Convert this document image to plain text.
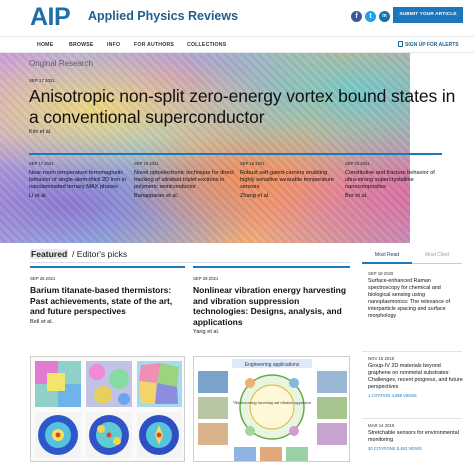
AIP Applied Physics Reviews	f	t	in	SUBMIT YOUR ARTICLE
HOME	BROWSE	INFO	FOR AUTHORS COLLECTIONS	SIGN UP FOR ALERTS
Original Research
SEP 17 2021
Anisotropic non-split zero-energy vortex bound states in a conventional superconductor
Kim et al.
SEP 17 2021
Near-room temperature ferromagnetic behavior of single-atom-thick 2D iron in nanolaminated ternary MAX phases
Li et al.
SEP 16 2021
Novel optoelectronic technique for direct tracking of ultrafast triplet excitons in polymeric semiconductor
Banapparao et al.
SEP 16 2021
Robust self-gated-carriers enabling highly sensitive wearable temperature sensors
Zhang et al.
SEP 03 2021
Constitutive and fracture behavior of ultra-strong supercrystalline nanocomposites
Bor et al.
Featured / Editor's picks
SEP 28 2021
Barium titanate-based thermistors: Past achievements, state of the art, and future perspectives
Bell et al.
SEP 28 2021
Nonlinear vibration energy harvesting and vibration suppression technologies: Designs, analysis, and applications
Yang et al.
Engineering applications
Vibration energy harvesting and vibration suppression
Most Read	Most Cited
SEP 18 2020
Surface-enhanced Raman spectroscopy for chemical and biological sensing using nanoplasmonics: The relevance of interparticle spacing and surface morphology
NOV 15 2019
Group-IV 2D materials beyond graphene on nonmetal substrates: Challenges, recent progress, and future perspectives
1 CITATION 4,896 VIEWS
MAR 14 2019
Stretchable sensors for environmental monitoring
30 CITATIONS 5,463 VIEWS
